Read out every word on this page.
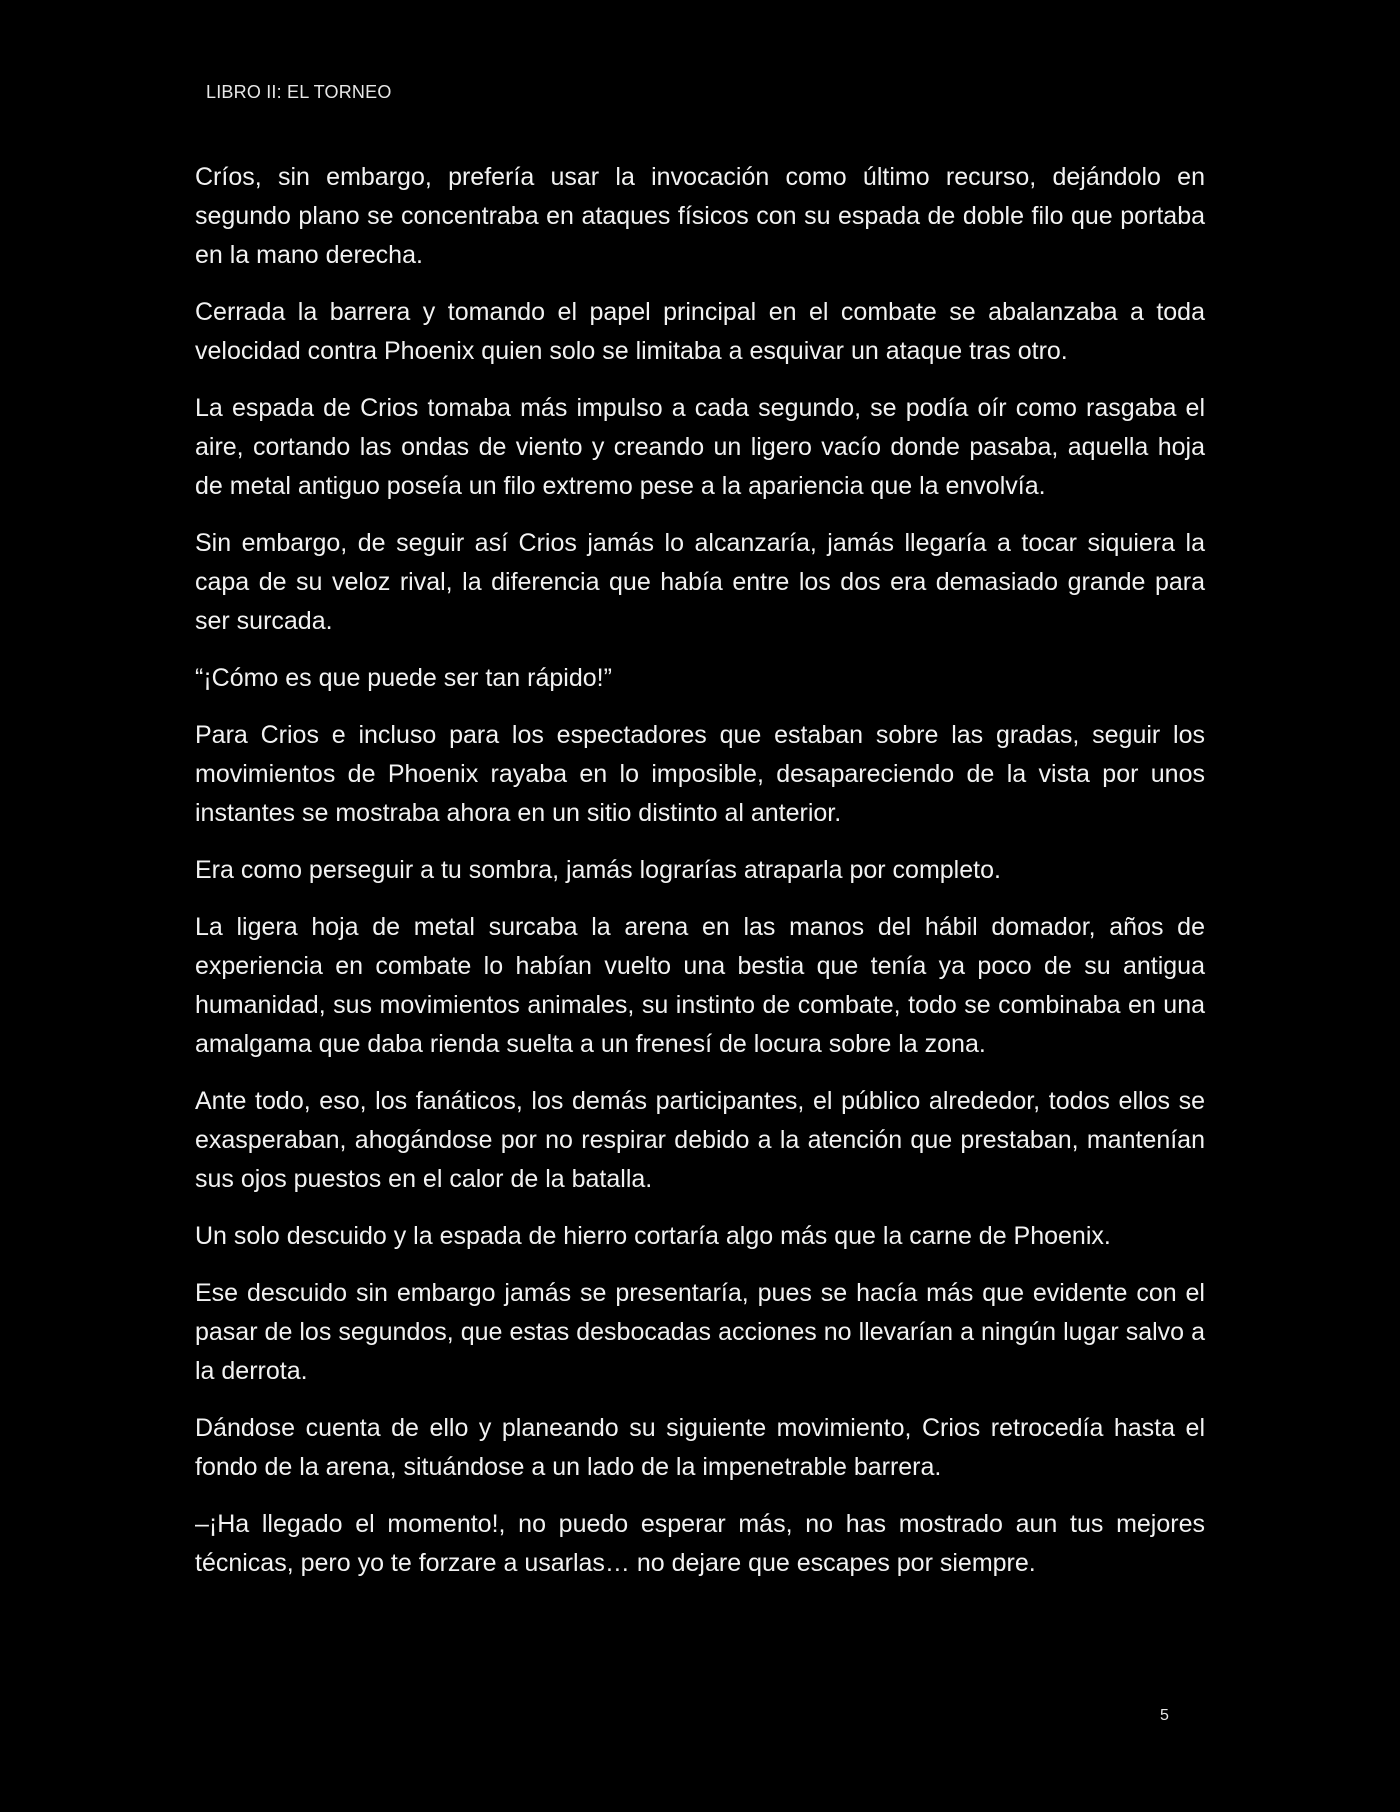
LIBRO II: EL TORNEO

Críos, sin embargo, prefería usar la invocación como último recurso, dejándolo en segundo plano se concentraba en ataques físicos con su espada de doble filo que portaba en la mano derecha.

Cerrada la barrera y tomando el papel principal en el combate se abalanzaba a toda velocidad contra Phoenix quien solo se limitaba a esquivar un ataque tras otro.

La espada de Crios tomaba más impulso a cada segundo, se podía oír como rasgaba el aire, cortando las ondas de viento y creando un ligero vacío donde pasaba, aquella hoja de metal antiguo poseía un filo extremo pese a la apariencia que la envolvía.

Sin embargo, de seguir así Crios jamás lo alcanzaría, jamás llegaría a tocar siquiera la capa de su veloz rival, la diferencia que había entre los dos era demasiado grande para ser surcada.

“¡Cómo es que puede ser tan rápido!”

Para Crios e incluso para los espectadores que estaban sobre las gradas, seguir los movimientos de Phoenix rayaba en lo imposible, desapareciendo de la vista por unos instantes se mostraba ahora en un sitio distinto al anterior.

Era como perseguir a tu sombra, jamás lograrías atraparla por completo.

La ligera hoja de metal surcaba la arena en las manos del hábil domador, años de experiencia en combate lo habían vuelto una bestia que tenía ya poco de su antigua humanidad, sus movimientos animales, su instinto de combate, todo se combinaba en una amalgama que daba rienda suelta a un frenesí de locura sobre la zona.

Ante todo, eso, los fanáticos, los demás participantes, el público alrededor, todos ellos se exasperaban, ahogándose por no respirar debido a la atención que prestaban, mantenían sus ojos puestos en el calor de la batalla.

Un solo descuido y la espada de hierro cortaría algo más que la carne de Phoenix.

Ese descuido sin embargo jamás se presentaría, pues se hacía más que evidente con el pasar de los segundos, que estas desbocadas acciones no llevarían a ningún lugar salvo a la derrota.

Dándose cuenta de ello y planeando su siguiente movimiento, Crios retrocedía hasta el fondo de la arena, situándose a un lado de la impenetrable barrera.

–¡Ha llegado el momento!, no puedo esperar más, no has mostrado aun tus mejores técnicas, pero yo te forzare a usarlas… no dejare que escapes por siempre.

5
